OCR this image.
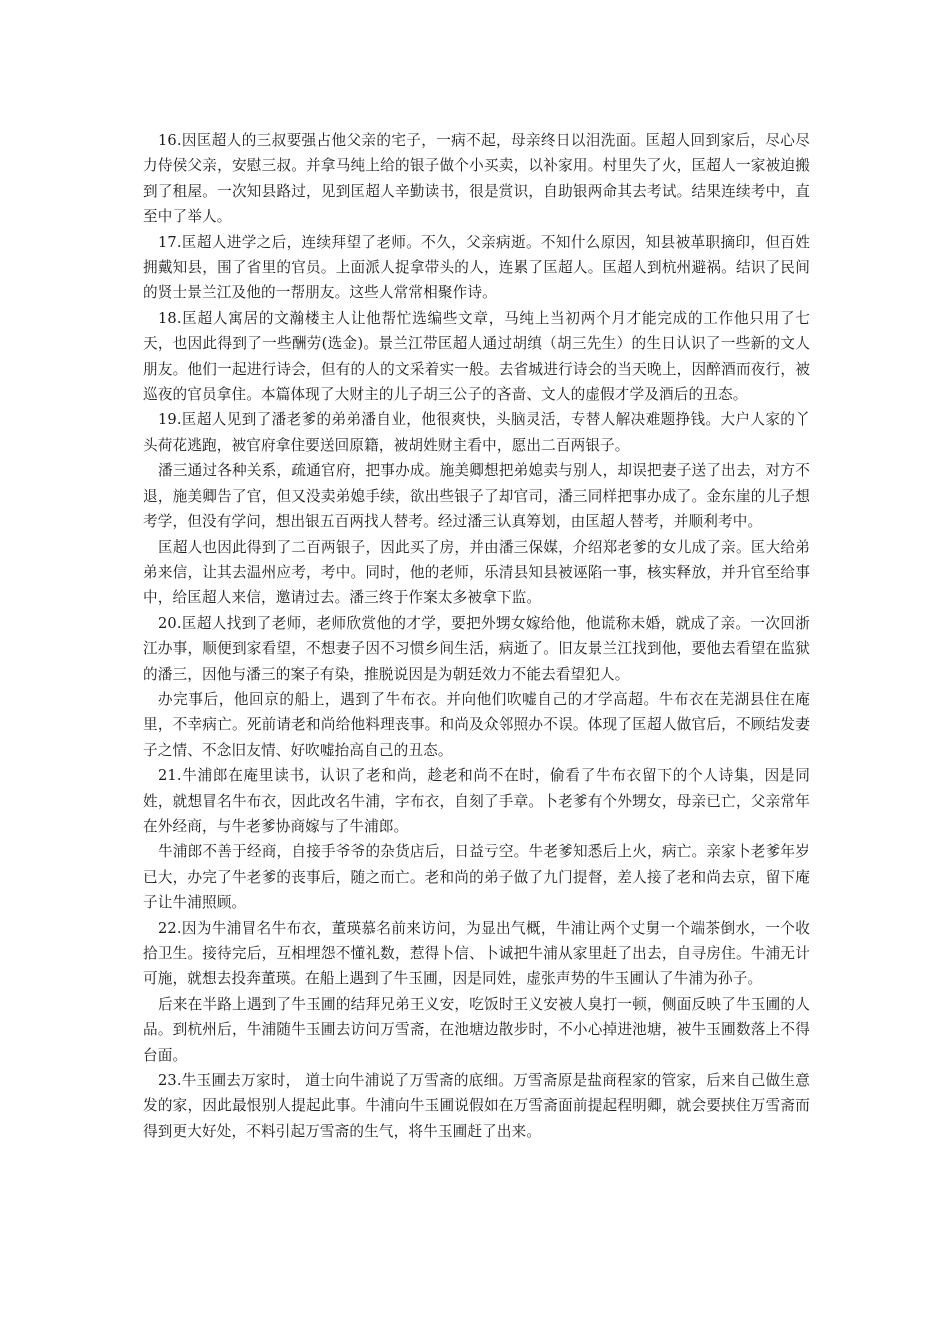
16.因匡超人的三叔要强占他父亲的宅子，一病不起，母亲终日以泪洗面。匡超人回到家后，尽心尽力侍侯父亲，安慰三叔。并拿马纯上给的银子做个小买卖，以补家用。村里失了火，匡超人一家被迫搬到了租屋。一次知县路过，见到匡超人辛勤读书，很是赏识，自助银两命其去考试。结果连续考中，直至中了举人。

17.匡超人进学之后，连续拜望了老师。不久，父亲病逝。不知什么原因，知县被革职摘印，但百姓拥戴知县，围了省里的官员。上面派人捉拿带头的人，连累了匡超人。匡超人到杭州避祸。结识了民间的贤士景兰江及他的一帮朋友。这些人常常相聚作诗。

18.匡超人寓居的文瀚楼主人让他帮忙选编些文章，马纯上当初两个月才能完成的工作他只用了七天，也因此得到了一些酬劳(选金)。景兰江带匡超人通过胡缜（胡三先生）的生日认识了一些新的文人朋友。他们一起进行诗会，但有的人的文采着实一般。去省城进行诗会的当天晚上，因醉酒而夜行，被巡夜的官员拿住。本篇体现了大财主的儿子胡三公子的吝啬、文人的虚假才学及酒后的丑态。

19.匡超人见到了潘老爹的弟弟潘自业，他很爽快，头脑灵活，专替人解决难题挣钱。大户人家的丫头荷花逃跑，被官府拿住要送回原籍，被胡姓财主看中，愿出二百两银子。

潘三通过各种关系，疏通官府，把事办成。施美卿想把弟媳卖与别人，却误把妻子送了出去，对方不退，施美卿告了官，但又没卖弟媳手续，欲出些银子了却官司，潘三同样把事办成了。金东崖的儿子想考学，但没有学问，想出银五百两找人替考。经过潘三认真筹划，由匡超人替考，并顺利考中。

匡超人也因此得到了二百两银子，因此买了房，并由潘三保媒，介绍郑老爹的女儿成了亲。匡大给弟弟来信，让其去温州应考，考中。同时，他的老师，乐清县知县被诬陷一事，核实释放，并升官至给事中，给匡超人来信，邀请过去。潘三终于作案太多被拿下监。

20.匡超人找到了老师，老师欣赏他的才学，要把外甥女嫁给他，他谎称未婚，就成了亲。一次回浙江办事，顺便到家看望，不想妻子因不习惯乡间生活，病逝了。旧友景兰江找到他，要他去看望在监狱的潘三，因他与潘三的案子有染，推脱说因是为朝廷效力不能去看望犯人。

办完事后，他回京的船上，遇到了牛布衣。并向他们吹嘘自己的才学高超。牛布衣在芜湖县住在庵里，不幸病亡。死前请老和尚给他料理丧事。和尚及众邻照办不误。体现了匡超人做官后，不顾结发妻子之情、不念旧友情、好吹嘘抬高自己的丑态。

21.牛浦郎在庵里读书，认识了老和尚，趁老和尚不在时，偷看了牛布衣留下的个人诗集，因是同姓，就想冒名牛布衣，因此改名牛浦，字布衣，自刻了手章。卜老爹有个外甥女，母亲已亡，父亲常年在外经商，与牛老爹协商嫁与了牛浦郎。

牛浦郎不善于经商，自接手爷爷的杂货店后，日益亏空。牛老爹知悉后上火，病亡。亲家卜老爹年岁已大，办完了牛老爹的丧事后，随之而亡。老和尚的弟子做了九门提督，差人接了老和尚去京，留下庵子让牛浦照顾。

22.因为牛浦冒名牛布衣，董瑛慕名前来访问，为显出气概，牛浦让两个丈舅一个端茶倒水，一个收拾卫生。接待完后，互相埋怨不懂礼数，惹得卜信、卜诚把牛浦从家里赶了出去，自寻房住。牛浦无计可施，就想去投奔董瑛。在船上遇到了牛玉圃，因是同姓，虚张声势的牛玉圃认了牛浦为孙子。

后来在半路上遇到了牛玉圃的结拜兄弟王义安，吃饭时王义安被人臭打一顿，侧面反映了牛玉圃的人品。到杭州后，牛浦随牛玉圃去访问万雪斋，在池塘边散步时，不小心掉进池塘，被牛玉圃数落上不得台面。

23.牛玉圃去万家时， 道士向牛浦说了万雪斋的底细。万雪斋原是盐商程家的管家，后来自己做生意发的家，因此最恨别人提起此事。牛浦向牛玉圃说假如在万雪斋面前提起程明卿，就会要挟住万雪斋而得到更大好处，不料引起万雪斋的生气，将牛玉圃赶了出来。
